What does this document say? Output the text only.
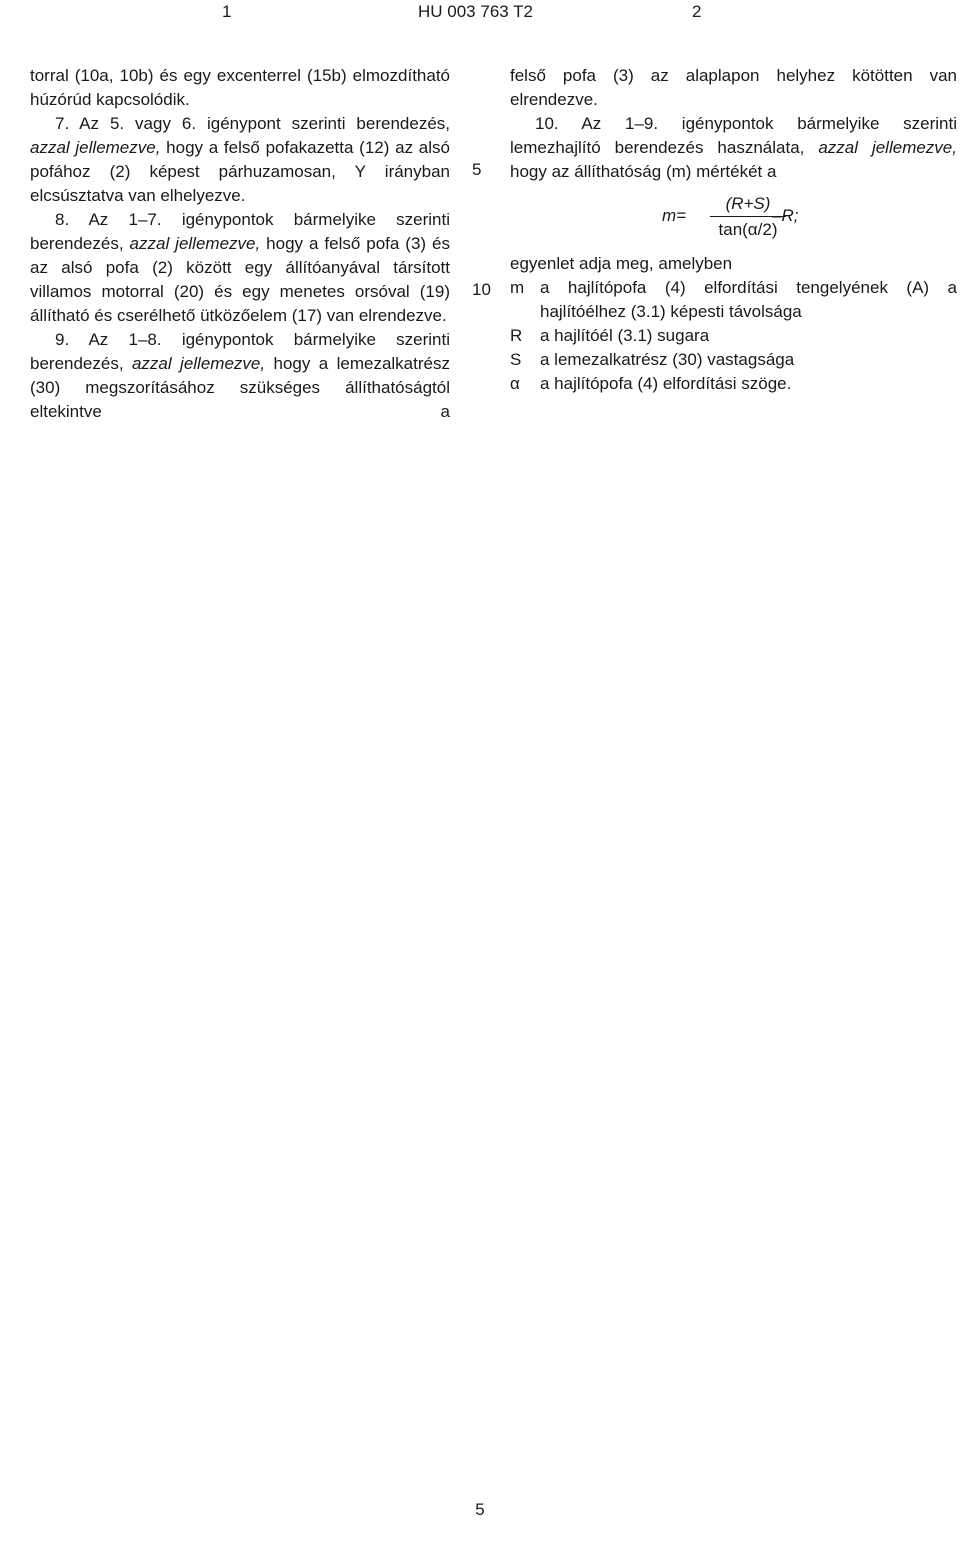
1	HU 003 763 T2	2

torral (10a, 10b) és egy excenterrel (15b) elmozdítható húzórúd kapcsolódik.

7. Az 5. vagy 6. igénypont szerinti berendezés, azzal jellemezve, hogy a felső pofakazetta (12) az alsó pofához (2) képest párhuzamosan, Y irányban elcsúsztatva van elhelyezve.

8. Az 1–7. igénypontok bármelyike szerinti berendezés, azzal jellemezve, hogy a felső pofa (3) és az alsó pofa (2) között egy állítóanyával társított villamos motorral (20) és egy menetes orsóval (19) állítható és cserélhető ütközőelem (17) van elrendezve.

9. Az 1–8. igénypontok bármelyike szerinti berendezés, azzal jellemezve, hogy a lemezalkatrész (30) megszorításához szükséges állíthatóságtól eltekintve a

5
10

felső pofa (3) az alaplapon helyhez kötötten van elrendezve.

10. Az 1–9. igénypontok bármelyike szerinti lemezhajlító berendezés használata, azzal jellemezve, hogy az állíthatóság (m) mértékét a

m=
(R+S)
tan(α/2)
–R;

egyenlet adja meg, amelyben

m a hajlítópofa (4) elfordítási tengelyének (A) a hajlítóélhez (3.1) képesti távolsága
R	a hajlítóél (3.1) sugara
S	a lemezalkatrész (30) vastagsága
α	a hajlítópofa (4) elfordítási szöge.
5
